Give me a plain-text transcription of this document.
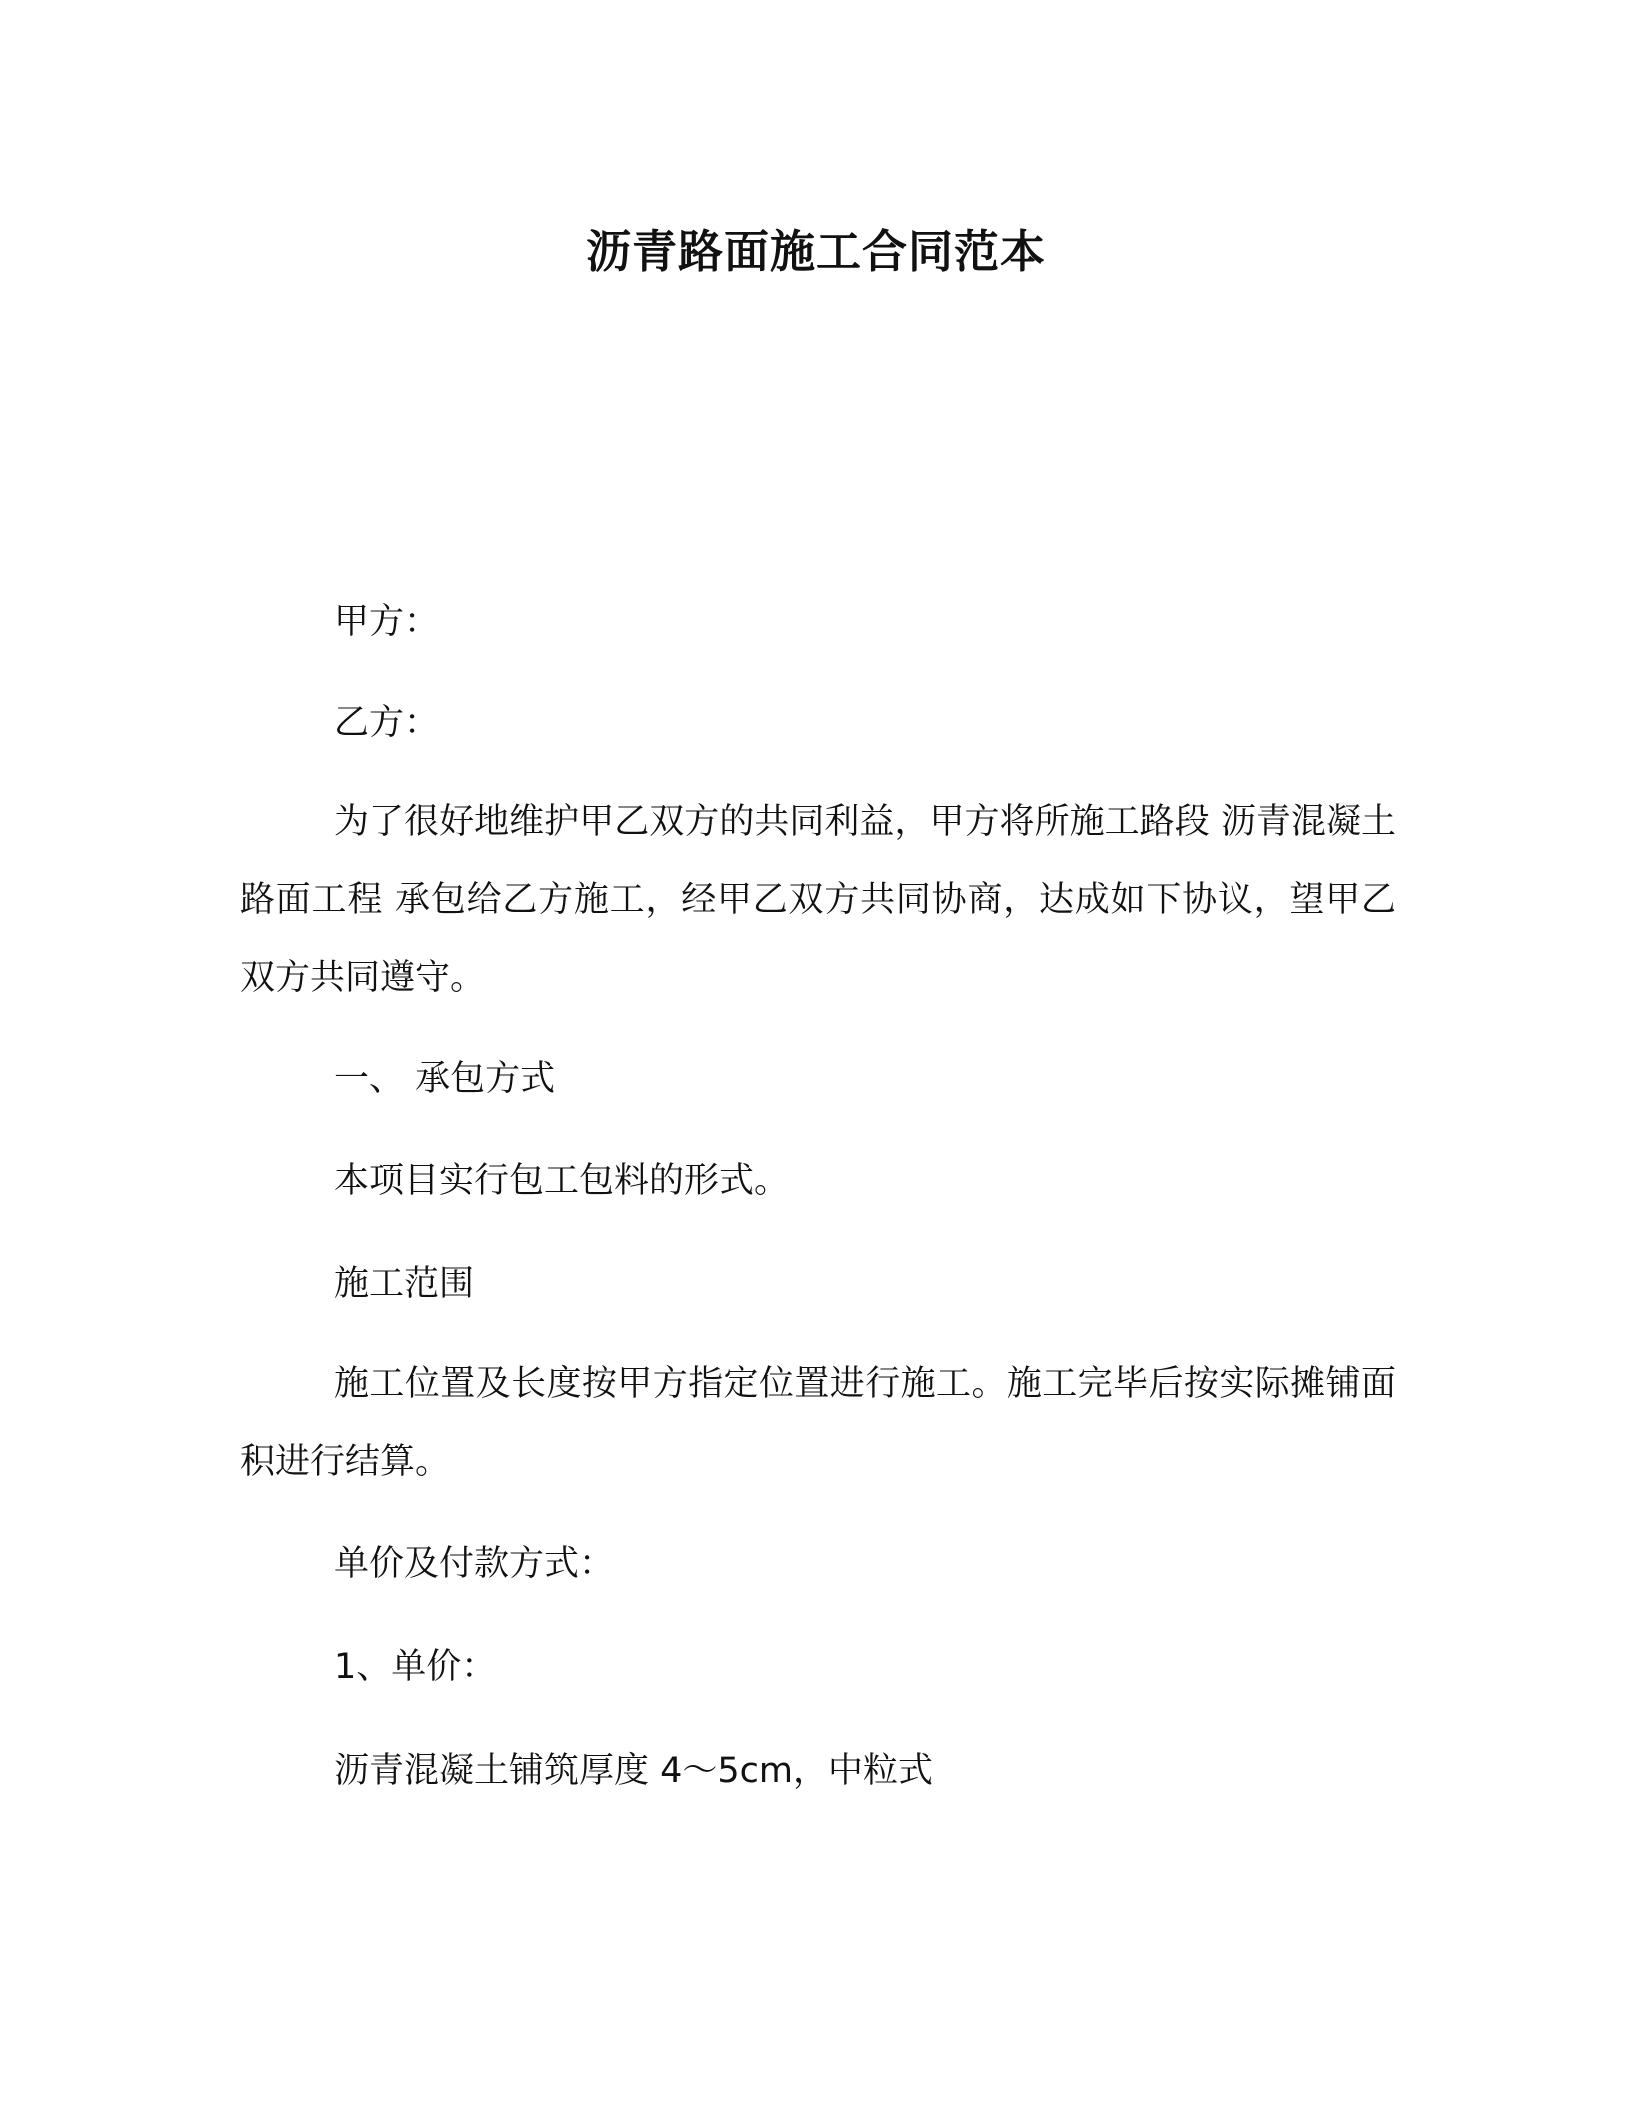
沥青路面施工合同范本

甲方：

乙方：

为了很好地维护甲乙双方的共同利益，甲方将所施工路段 沥青混凝土路面工程 承包给乙方施工，经甲乙双方共同协商，达成如下协议，望甲乙双方共同遵守。

一、 承包方式

本项目实行包工包料的形式。

施工范围

施工位置及长度按甲方指定位置进行施工。施工完毕后按实际摊铺面积进行结算。

单价及付款方式：

1、单价：

沥青混凝土铺筑厚度 4～5cm，中粒式
